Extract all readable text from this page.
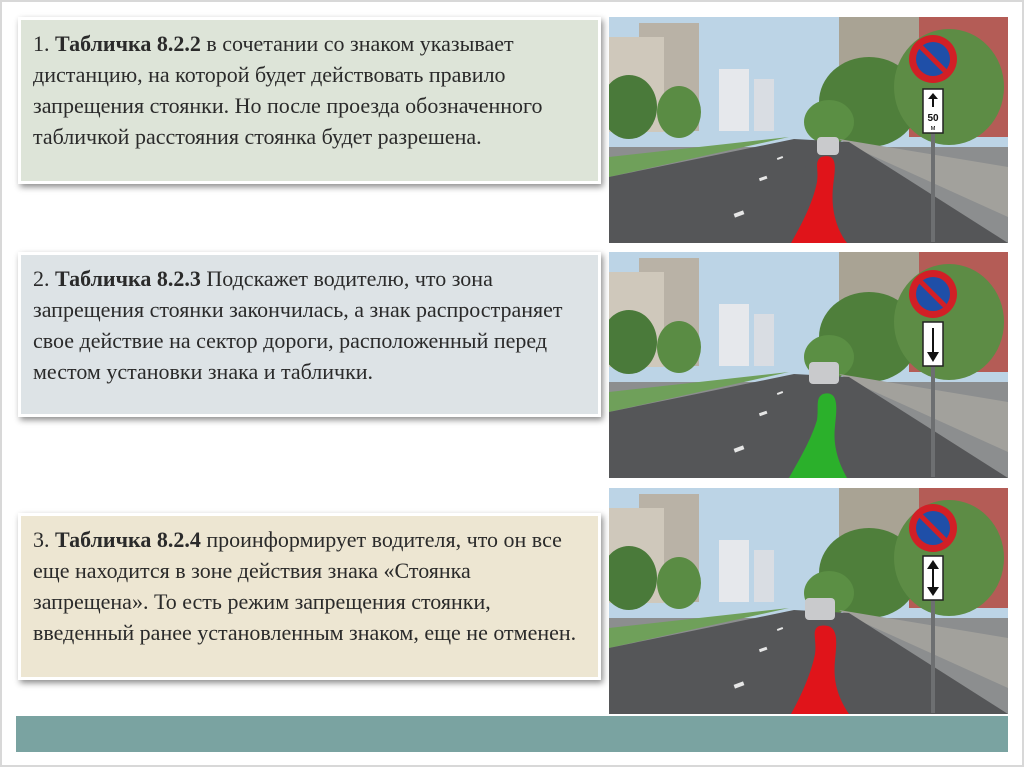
1. Табличка 8.2.2 в сочетании со знаком указывает дистанцию, на которой будет действовать правило запрещения стоянки. Но после проезда обозначенного табличкой расстояния стоянка будет разрешена.
2. Табличка 8.2.3 Подскажет водителю, что зона запрещения стоянки закончилась, а знак распространяет свое действие на сектор дороги, расположенный перед местом установки знака и таблички.
3. Табличка 8.2.4 проинформирует водителя, что он все еще находится в зоне действия знака «Стоянка запрещена». То есть режим запрещения стоянки, введенный ранее установленным знаком, еще не отменен.
50
м
